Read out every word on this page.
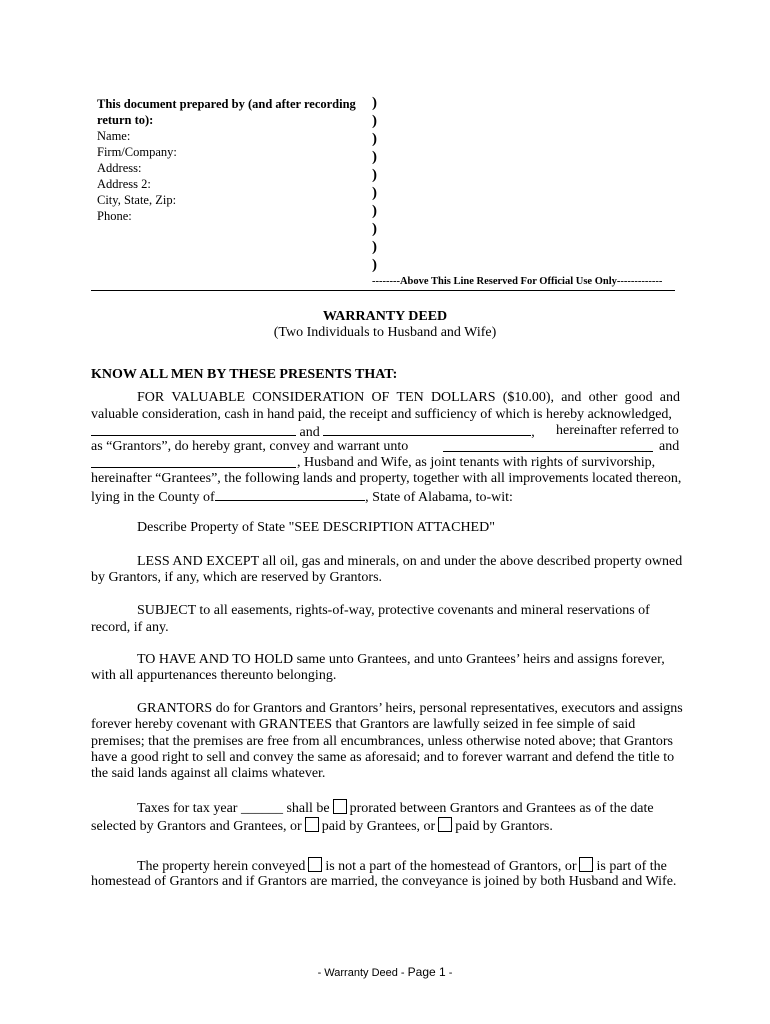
This document prepared by (and after recording
return to):
Name:
Firm/Company:
Address:
Address 2:
City, State, Zip:
Phone:
)
)
)
)
)
)
)
)
)
)
--------Above This Line Reserved For Official Use Only-------------
WARRANTY DEED
(Two Individuals to Husband and Wife)
KNOW ALL MEN BY THESE PRESENTS THAT:
FOR VALUABLE CONSIDERATION OF TEN DOLLARS ($10.00), and other good and
valuable consideration, cash in hand paid, the receipt and sufficiency of which is hereby acknowledged,
and	, hereinafter referred to
as “Grantors”, do hereby grant, convey and warrant unto	and
, Husband and Wife, as joint tenants with rights of survivorship,
hereinafter “Grantees”, the following lands and property, together with all improvements located thereon,
lying in the County of	, State of Alabama, to-wit:
Describe Property of State "SEE DESCRIPTION ATTACHED"
LESS AND EXCEPT all oil, gas and minerals, on and under the above described property owned
by Grantors, if any, which are reserved by Grantors.
SUBJECT to all easements, rights-of-way, protective covenants and mineral reservations of
record, if any.
TO HAVE AND TO HOLD same unto Grantees, and unto Grantees’ heirs and assigns forever,
with all appurtenances thereunto belonging.
GRANTORS do for Grantors and Grantors’ heirs, personal representatives, executors and assigns
forever hereby covenant with GRANTEES that Grantors are lawfully seized in fee simple of said
premises; that the premises are free from all encumbrances, unless otherwise noted above; that Grantors
have a good right to sell and convey the same as aforesaid; and to forever warrant and defend the title to
the said lands against all claims whatever.
Taxes for tax year ______ shall be prorated between Grantors and Grantees as of the date
selected by Grantors and Grantees, or paid by Grantees, or paid by Grantors.
The property herein conveyed is not a part of the homestead of Grantors, or is part of the
homestead of Grantors and if Grantors are married, the conveyance is joined by both Husband and Wife.
- Warranty Deed - Page 1 -
